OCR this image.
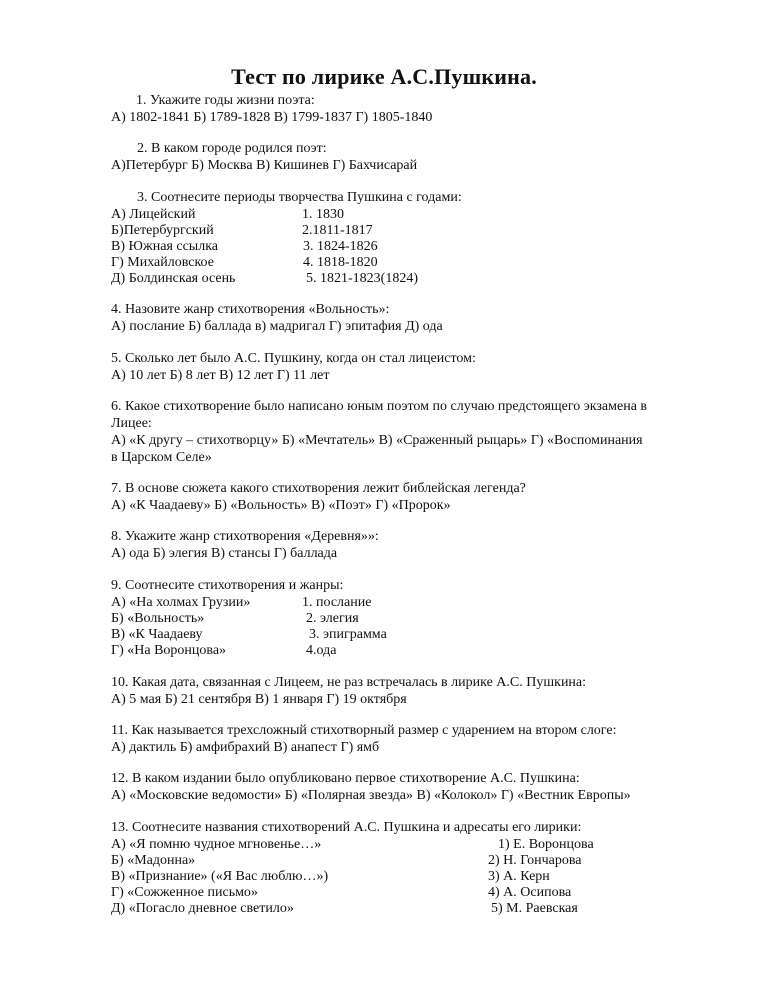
Тест по лирике А.С.Пушкина.
1. Укажите годы жизни поэта:
А) 1802-1841 Б) 1789-1828 В) 1799-1837 Г) 1805-1840
2. В каком городе родился поэт:
А)Петербург Б) Москва В) Кишинев Г) Бахчисарай
3. Соотнесите периоды творчества Пушкина с годами:
А) Лицейский	1. 1830
Б)Петербургский	2.1811-1817
В) Южная ссылка	3. 1824-1826
Г) Михайловское	4. 1818-1820
Д) Болдинская осень	5. 1821-1823(1824)
4. Назовите жанр стихотворения «Вольность»:
А) послание Б) баллада в) мадригал Г) эпитафия Д) ода
5. Сколько лет было А.С. Пушкину, когда он стал лицеистом:
А) 10 лет Б) 8 лет В) 12 лет Г) 11 лет
6. Какое стихотворение было написано юным поэтом по случаю предстоящего экзамена в
Лицее:
А) «К другу – стихотворцу» Б) «Мечтатель» В) «Сраженный рыцарь» Г) «Воспоминания
в Царском Селе»
7. В основе сюжета какого стихотворения лежит библейская легенда?
А) «К Чаадаеву» Б) «Вольность» В) «Поэт» Г) «Пророк»
8. Укажите жанр стихотворения «Деревня»»:
А) ода Б) элегия В) стансы Г) баллада
9. Соотнесите стихотворения и жанры:
А) «На холмах Грузии»	1. послание
Б) «Вольность»	2. элегия
В) «К Чаадаеву	3. эпиграмма
Г) «На Воронцова»	4.ода
10. Какая дата, связанная с Лицеем, не раз встречалась в лирике А.С. Пушкина:
А) 5 мая Б) 21 сентября В) 1 января Г) 19 октября
11. Как называется трехсложный стихотворный размер с ударением на втором слоге:
А) дактиль Б) амфибрахий В) анапест Г) ямб
12. В каком издании было опубликовано первое стихотворение А.С. Пушкина:
А) «Московские ведомости» Б) «Полярная звезда» В) «Колокол» Г) «Вестник Европы»
13. Соотнесите названия стихотворений А.С. Пушкина и адресаты его лирики:
А) «Я помню чудное мгновенье…»	1) Е. Воронцова
Б) «Мадонна»	2) Н. Гончарова
В) «Признание» («Я Вас люблю…»)	3) А. Керн
Г) «Сожженное письмо»	4) А. Осипова
Д) «Погасло дневное светило»	5) М. Раевская
